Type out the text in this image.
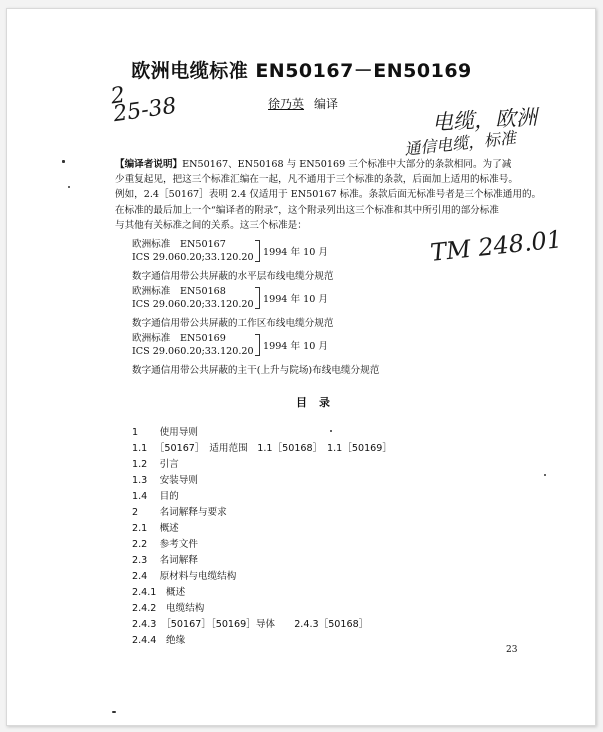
欧洲电缆标准 EN50167－EN50169
徐乃英 编译
2
25-38	电缆，欧洲
通信电缆，标准
TM 248.01
【编译者说明】EN50167、EN50168 与 EN50169 三个标准中大部分的条款相同。为了减
少重复起见，把这三个标准汇编在一起，凡不通用于三个标准的条款，后面加上适用的标准号。
例如，2.4［50167］表明 2.4 仅适用于 EN50167 标准。条款后面无标准号者是三个标准通用的。
在标准的最后加上一个“编译者的附录”，这个附录列出这三个标准和其中所引用的部分标准
与其他有关标准之间的关系。这三个标准是：
欧洲标准　EN50167
ICS 29.060.20;33.120.20 1994 年 10 月
数字通信用带公共屏蔽的水平层布线电缆分规范
欧洲标准　EN50168
ICS 29.060.20;33.120.20 1994 年 10 月
数字通信用带公共屏蔽的工作区布线电缆分规范
欧洲标准　EN50169
ICS 29.060.20;33.120.20 1994 年 10 月
数字通信用带公共屏蔽的主干(上升与院场)布线电缆分规范
目录
1　 使用导则
1.1　 ［50167］　适用范围　1.1［50168］　1.1［50169］
1.2　 引言
1.3　 安装导则
1.4　 目的
2　 名词解释与要求
2.1　 概述
2.2　 参考文件
2.3　 名词解释
2.4　 原材料与电缆结构
2.4.1　 概述
2.4.2　 电缆结构
2.4.3　 ［50167］［50169］导体　　2.4.3［50168］
2.4.4　 绝缘
23
